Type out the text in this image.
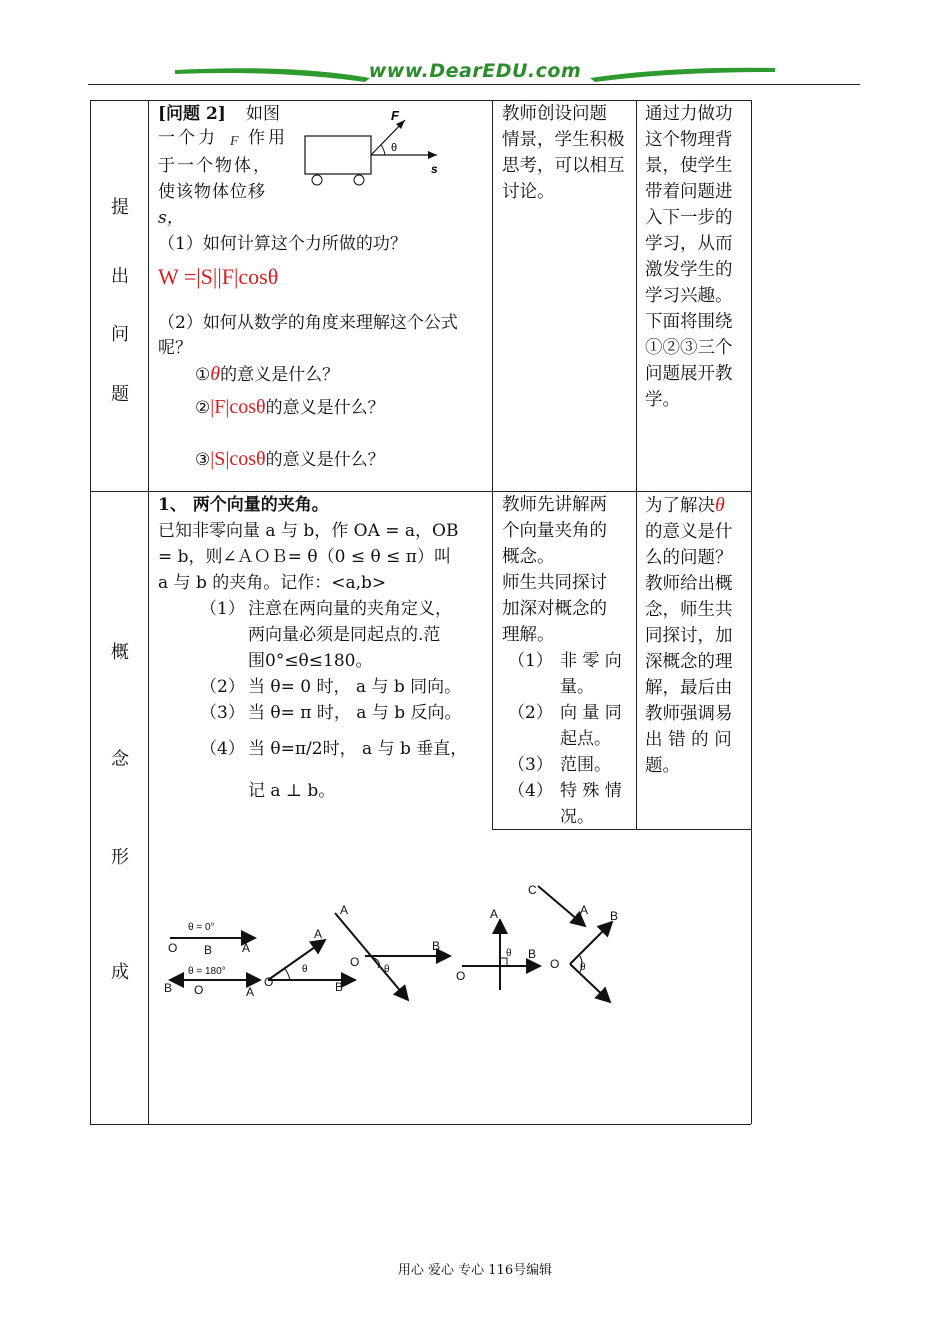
www.DearEDU.com
提
出
问
题
[问题 2] 如图
一个力 F 作用
于一个物体，
使该物体位移
s，
F
θ
s
（1）如何计算这个力所做的功？
W =|S||F|cosθ
（2）如何从数学的角度来理解这个公式
呢？
①θ的意义是什么？
②|F|cosθ的意义是什么？
③|S|cosθ的意义是什么？
教师创设问题
情景，学生积极
思考，可以相互
讨论。
通过力做功
这个物理背
景，使学生
带着问题进
入下一步的
学习，从而
激发学生的
学习兴趣。
下面将围绕
①②③三个
问题展开教
学。
概
念
形
成
1、 两个向量的夹角。
已知非零向量 a 与 b，作 OA = a，OB
= b，则∠ＡＯＢ= θ（0 ≤ θ ≤ π）叫
a 与 b 的夹角。记作：<a,b>
（1） 注意在两向量的夹角定义，
两向量必须是同起点的.范
围0°≤θ≤180。
（2） 当 θ= 0 时， a 与 b 同向。
（3） 当 θ= π 时， a 与 b 反向。
（4） 当 θ=π/2时， a 与 b 垂直，
记 a ⊥ b。
教师先讲解两
个向量夹角的
概念。
师生共同探讨
加深对概念的
理解。
（1） 非 零 向
量。
（2） 向 量 同
起点。
（3） 范围。
（4） 特 殊 情
况。
为了解决θ
的意义是什
么的问题？
教师给出概
念，师生共
同探讨，加
深概念的理
解，最后由
教师强调易
出 错 的 问
题。
θ = 0°
O B A
θ = 180°
B O	A
O
A
B
θ
A
O
B
θ
A
O
B
θ
C
A B
O θ
用心 爱心 专心 116号编辑
